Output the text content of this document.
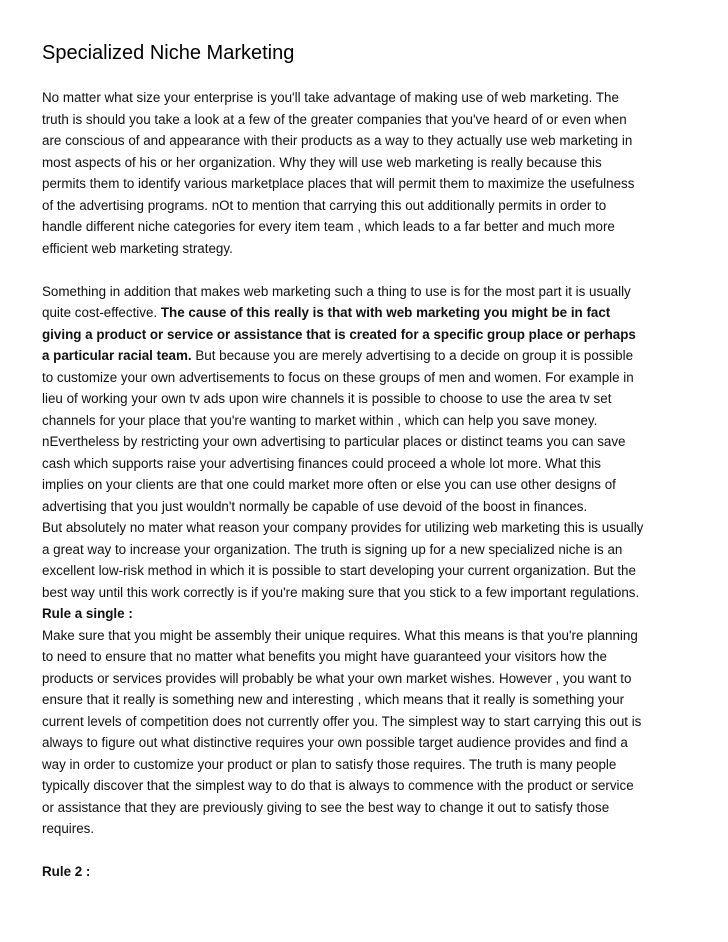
Specialized Niche Marketing
No matter what size your enterprise is you'll take advantage of making use of web marketing. The
truth is should you take a look at a few of the greater companies that you've heard of or even when
are conscious of and appearance with their products as a way to they actually use web marketing in
most aspects of his or her organization. Why they will use web marketing is really because this
permits them to identify various marketplace places that will permit them to maximize the usefulness
of the advertising programs. nOt to mention that carrying this out additionally permits in order to
handle different niche categories for every item team , which leads to a far better and much more
efficient web marketing strategy.
Something in addition that makes web marketing such a thing to use is for the most part it is usually
quite cost-effective. The cause of this really is that with web marketing you might be in fact
giving a product or service or assistance that is created for a specific group place or perhaps
a particular racial team. But because you are merely advertising to a decide on group it is possible
to customize your own advertisements to focus on these groups of men and women. For example in
lieu of working your own tv ads upon wire channels it is possible to choose to use the area tv set
channels for your place that you're wanting to market within , which can help you save money.
nEvertheless by restricting your own advertising to particular places or distinct teams you can save
cash which supports raise your advertising finances could proceed a whole lot more. What this
implies on your clients are that one could market more often or else you can use other designs of
advertising that you just wouldn't normally be capable of use devoid of the boost in finances.
But absolutely no mater what reason your company provides for utilizing web marketing this is usually
a great way to increase your organization. The truth is signing up for a new specialized niche is an
excellent low-risk method in which it is possible to start developing your current organization. But the
best way until this work correctly is if you're making sure that you stick to a few important regulations.
Rule a single :
Make sure that you might be assembly their unique requires. What this means is that you're planning
to need to ensure that no matter what benefits you might have guaranteed your visitors how the
products or services provides will probably be what your own market wishes. However , you want to
ensure that it really is something new and interesting , which means that it really is something your
current levels of competition does not currently offer you. The simplest way to start carrying this out is
always to figure out what distinctive requires your own possible target audience provides and find a
way in order to customize your product or plan to satisfy those requires. The truth is many people
typically discover that the simplest way to do that is always to commence with the product or service
or assistance that they are previously giving to see the best way to change it out to satisfy those
requires.
Rule 2 :
